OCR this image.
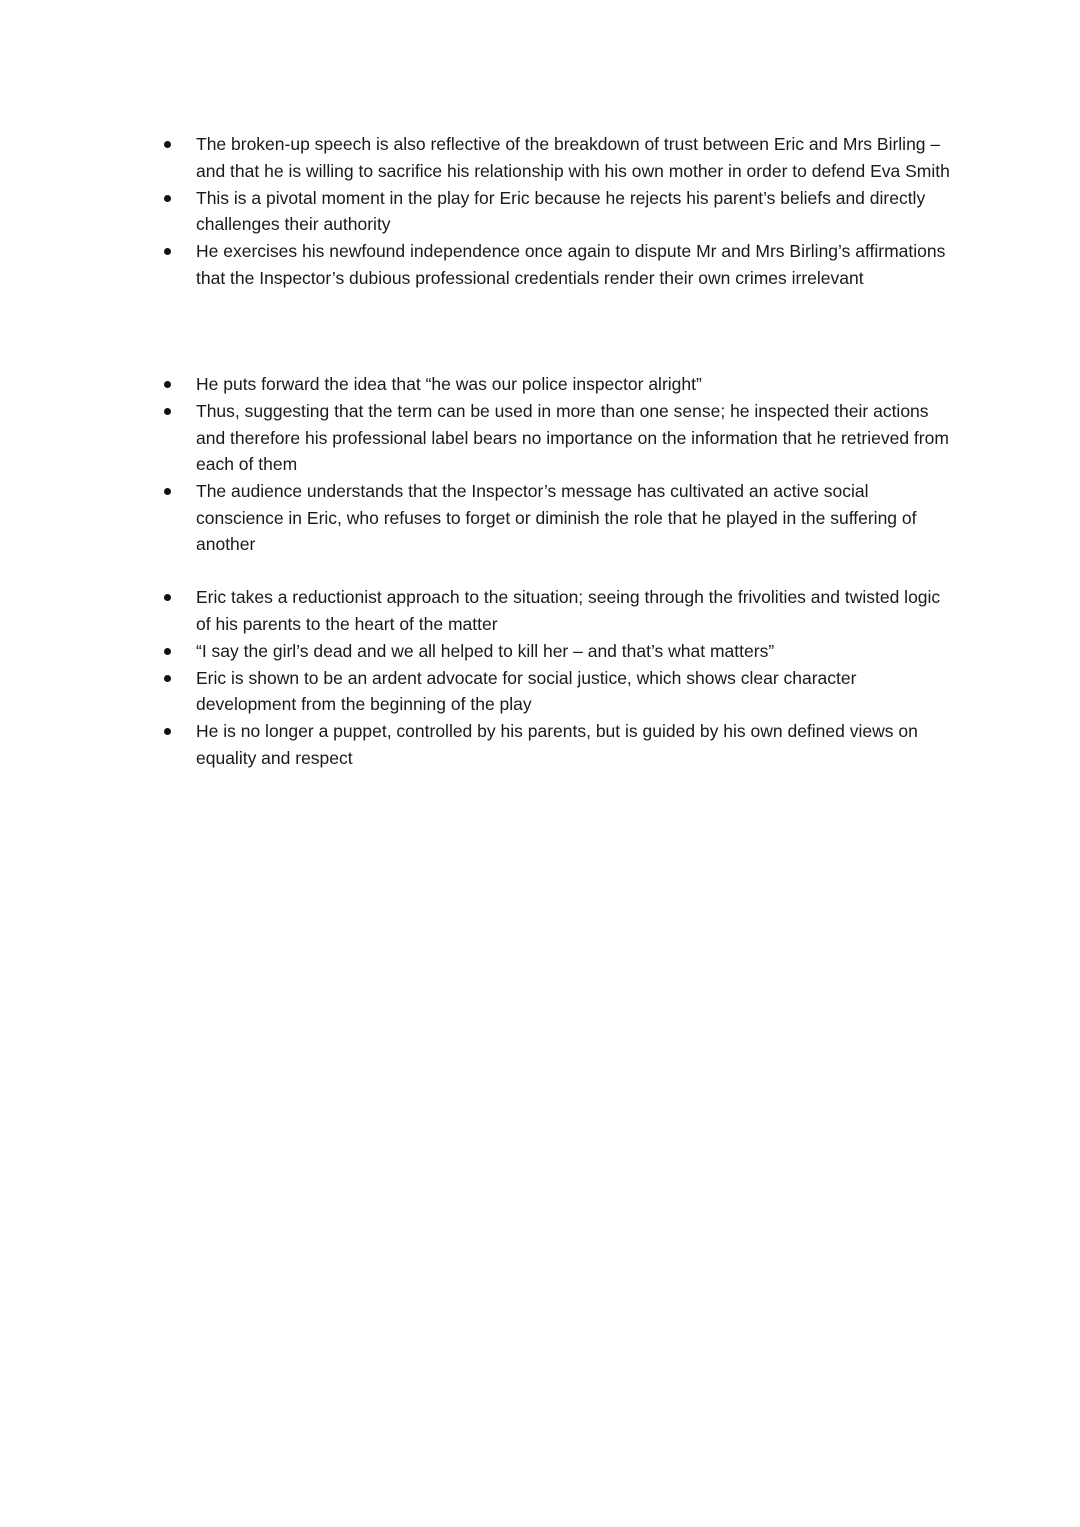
The broken-up speech is also reflective of the breakdown of trust between Eric and Mrs Birling – and that he is willing to sacrifice his relationship with his own mother in order to defend Eva Smith
This is a pivotal moment in the play for Eric because he rejects his parent’s beliefs and directly challenges their authority
He exercises his newfound independence once again to dispute Mr and Mrs Birling’s affirmations that the Inspector’s dubious professional credentials render their own crimes irrelevant
He puts forward the idea that “he was our police inspector alright”
Thus, suggesting that the term can be used in more than one sense; he inspected their actions and therefore his professional label bears no importance on the information that he retrieved from each of them
The audience understands that the Inspector’s message has cultivated an active social conscience in Eric, who refuses to forget or diminish the role that he played in the suffering of another
Eric takes a reductionist approach to the situation; seeing through the frivolities and twisted logic of his parents to the heart of the matter
“I say the girl’s dead and we all helped to kill her – and that’s what matters”
Eric is shown to be an ardent advocate for social justice, which shows clear character development from the beginning of the play
He is no longer a puppet, controlled by his parents, but is guided by his own defined views on equality and respect
